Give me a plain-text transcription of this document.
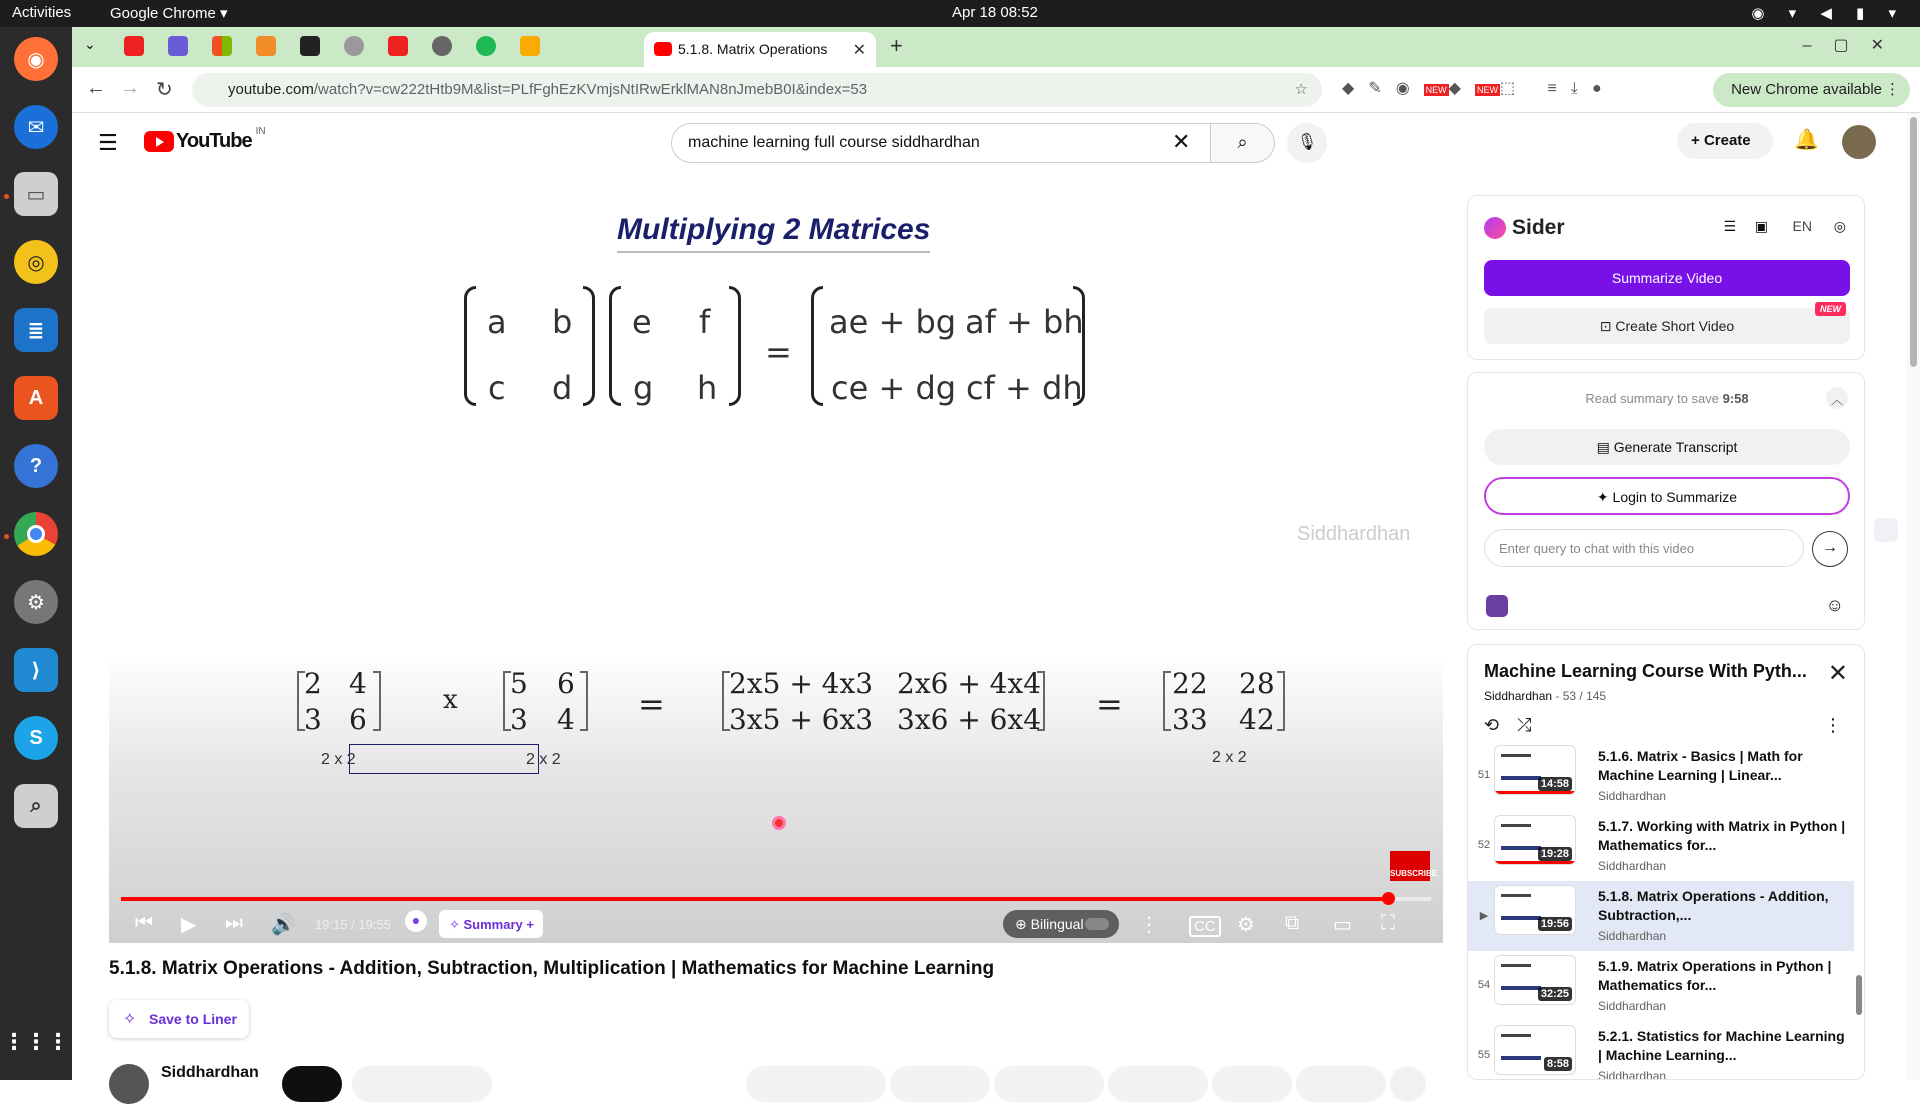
Activities	Google Chrome ▾	Apr 18 08:52	◉ ▾ ◀ ▮ ▾
◉
✉
▭
◎
≣
A
?
⚙
⟩
S
⌕
⋮⋮⋮
⌄	5.1.8. Matrix Operations ✕ +	–▢✕
← → ↻	youtube.com/watch?v=cw222tHtb9M&list=PLfFghEzKVmjsNtIRwErklMAN8nJmebB0I&index=53	☆ ◆✎◉ NEW ◆ NEW ⬚ ≡⤓●	New Chrome available ⋮
☰	YouTube IN
machine learning full course siddhardhan	✕	⌕	🎙	+ Create	🔔
Multiplying 2 Matrices
a b
c d
e f
g h
=
ae + bg af + bh
ce + dg cf + dh
Siddhardhan
2 4
3 6
2 x 2
x 5 6
3 4
2 x 2
=
2x5 + 4x3 2x6 + 4x4
3x5 + 6x3 3x6 + 6x4 =
22 28
33 42
2 x 2
SUBSCRIBE
⏮ ▶ ⏭ 🔊 19:15 / 19:55	●	✧ Summary +	⊕ Bilingual	⋮	CC ⚙ ⧉ ▭ ⛶
5.1.8. Matrix Operations - Addition, Subtraction, Multiplication | Mathematics for Machine Learning
✧ Save to Liner
Siddhardhan
Sider	EN
☰ ▣	◎
Summarize Video
⊡ Create Short Video
NEW
Read summary to save 9:58	︿
▤ Generate Transcript
✦ Login to Summarize
Enter query to chat with this video	→
☺
Machine Learning Course With Pyth... ✕
Siddhardhan - 53 / 145
⟲⤮	⋮
51
14:58
5.1.6. Matrix - Basics | Math for Machine Learning | Linear...
Siddhardhan
52
19:28
5.1.7. Working with Matrix in Python | Mathematics for...
Siddhardhan
▶
19:56
5.1.8. Matrix Operations - Addition, Subtraction,...
Siddhardhan
54
32:25
5.1.9. Matrix Operations in Python | Mathematics for...
Siddhardhan
55
8:58
5.2.1. Statistics for Machine Learning | Machine Learning...
Siddhardhan
